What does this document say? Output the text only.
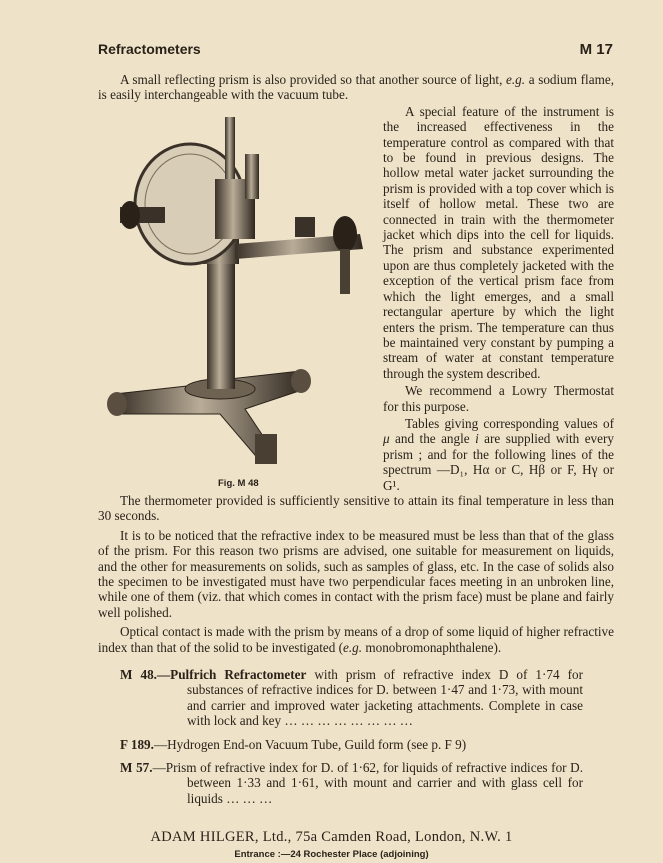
Refractometers	M 17

A small reflecting prism is also provided so that another source of light, e.g. a sodium flame, is easily interchangeable with the vacuum tube.

Fig. M 48

A special feature of the instrument is the increased effectiveness in the temperature control as compared with that to be found in previous designs. The hollow metal water jacket surrounding the prism is provided with a top cover which is itself of hollow metal. These two are connected in train with the thermometer jacket which dips into the cell for liquids. The prism and substance experimented upon are thus completely jacketed with the exception of the vertical prism face from which the light emerges, and a small rectangular aperture by which the light enters the prism. The temperature can thus be maintained very constant by pumping a stream of water at constant temperature through the system described.

We recommend a Lowry Thermostat for this purpose.

Tables giving corresponding values of μ and the angle i are supplied with every prism ; and for the following lines of the spectrum —D₁, Hα or C, Hβ or F, Hγ or G¹.

The thermometer provided is sufficiently sensitive to attain its final temperature in less than 30 seconds.

It is to be noticed that the refractive index to be measured must be less than that of the glass of the prism. For this reason two prisms are advised, one suitable for measurement on liquids, and the other for measurements on solids, such as samples of glass, etc. In the case of solids also the specimen to be investigated must have two perpendicular faces meeting in an unbroken line, while one of them (viz. that which comes in contact with the prism face) must be plane and fairly well polished.

Optical contact is made with the prism by means of a drop of some liquid of higher refractive index than that of the solid to be investigated (e.g. monobromonaphthalene).

M 48.—Pulfrich Refractometer with prism of refractive index D of 1·74 for substances of refractive indices for D. between 1·47 and 1·73, with mount and carrier and improved water jacketing attachments. Complete in case with lock and key … … … … … … … …
F 189.—Hydrogen End-on Vacuum Tube, Guild form (see p. F 9)
M 57.—Prism of refractive index for D. of 1·62, for liquids of refractive indices for D. between 1·33 and 1·61, with mount and carrier and with glass cell for liquids … … …
ADAM HILGER, Ltd., 75a Camden Road, London, N.W. 1
Entrance :—24 Rochester Place (adjoining)
